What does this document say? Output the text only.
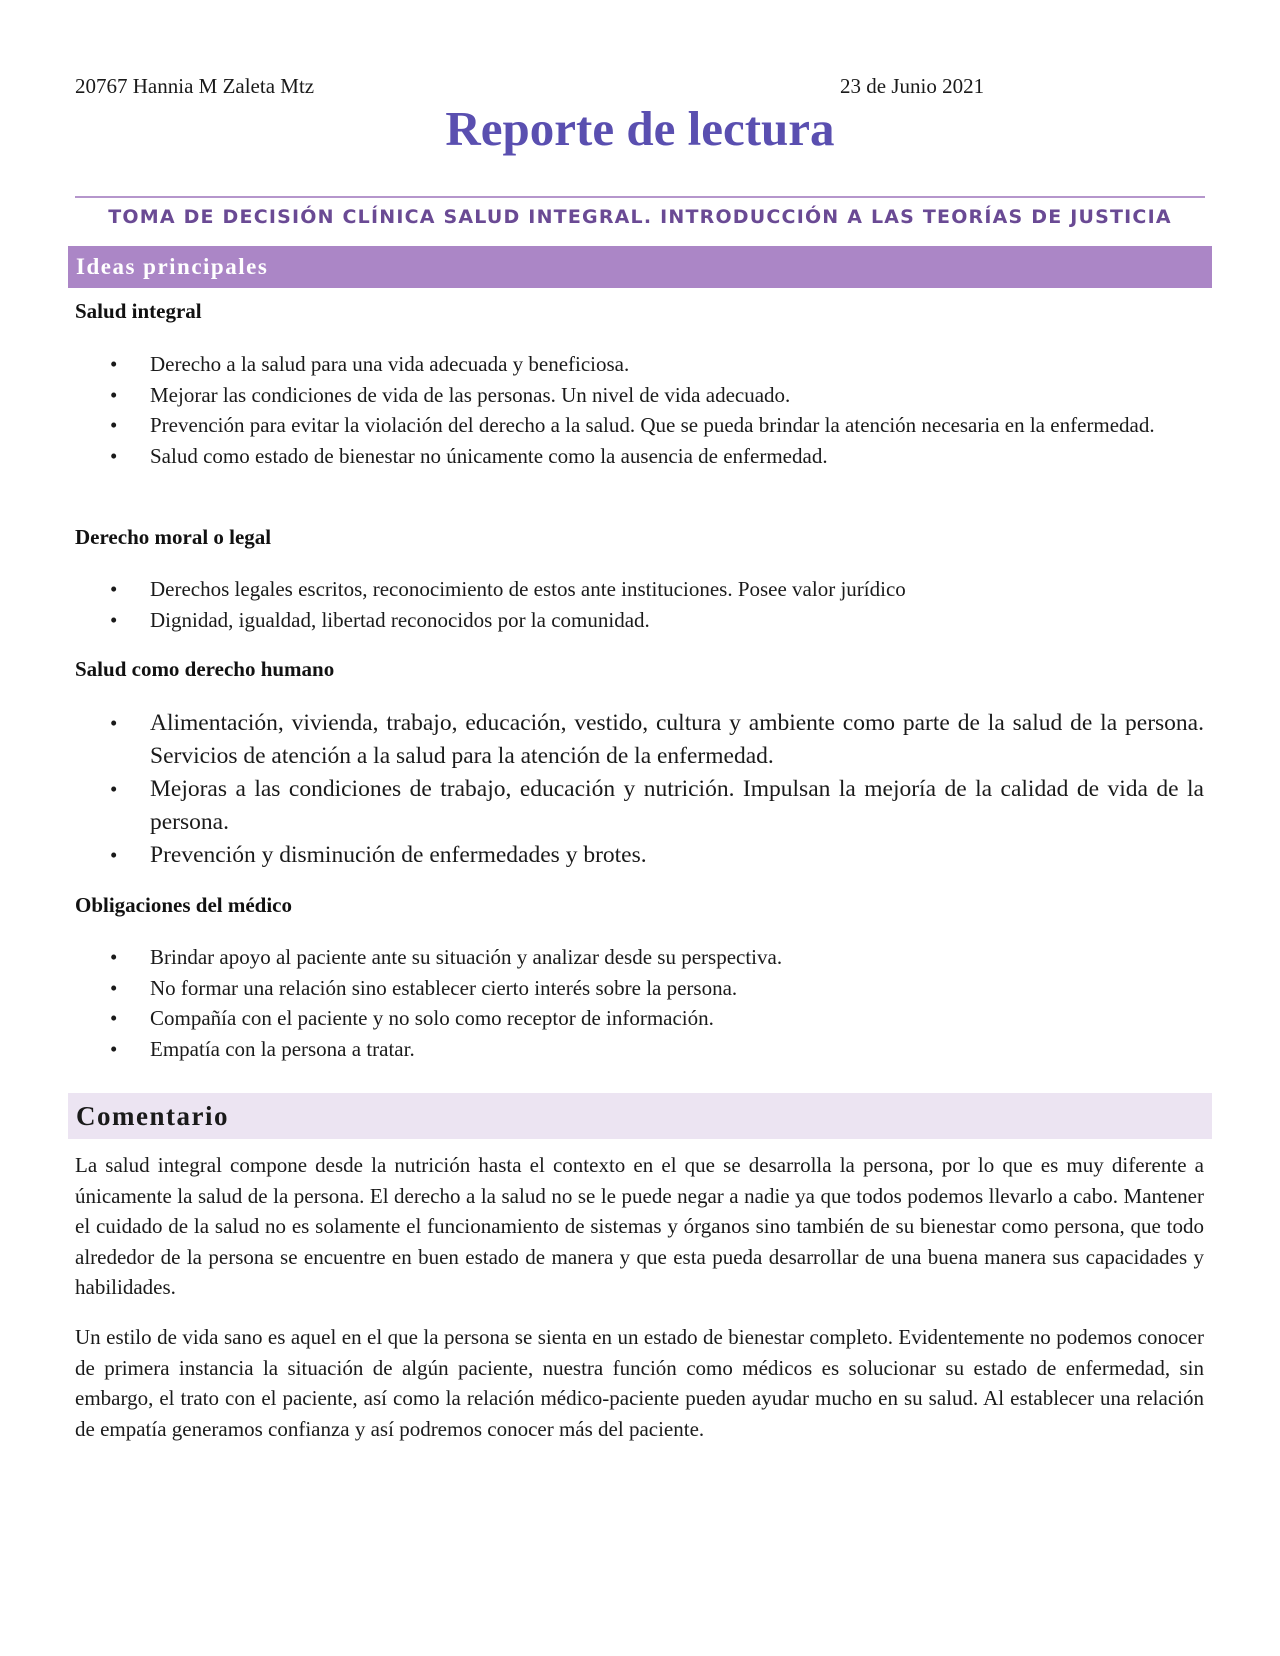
20767 Hannia M Zaleta Mtz	23 de Junio 2021
Reporte de lectura
TOMA DE DECISIÓN CLÍNICA SALUD INTEGRAL. INTRODUCCIÓN A LAS TEORÍAS DE JUSTICIA
Ideas principales
Salud integral
• Derecho a la salud para una vida adecuada y beneficiosa.
• Mejorar las condiciones de vida de las personas. Un nivel de vida adecuado.
• Prevención para evitar la violación del derecho a la salud. Que se pueda brindar la atención necesaria en la enfermedad.
• Salud como estado de bienestar no únicamente como la ausencia de enfermedad.
Derecho moral o legal
• Derechos legales escritos, reconocimiento de estos ante instituciones. Posee valor jurídico
• Dignidad, igualdad, libertad reconocidos por la comunidad.
Salud como derecho humano
• Alimentación, vivienda, trabajo, educación, vestido, cultura y ambiente como parte de la salud de la persona. Servicios de atención a la salud para la atención de la enfermedad.
• Mejoras a las condiciones de trabajo, educación y nutrición. Impulsan la mejoría de la calidad de vida de la persona.
• Prevención y disminución de enfermedades y brotes.
Obligaciones del médico
• Brindar apoyo al paciente ante su situación y analizar desde su perspectiva.
• No formar una relación sino establecer cierto interés sobre la persona.
• Compañía con el paciente y no solo como receptor de información.
• Empatía con la persona a tratar.
Comentario

La salud integral compone desde la nutrición hasta el contexto en el que se desarrolla la persona, por lo que es muy diferente a únicamente la salud de la persona. El derecho a la salud no se le puede negar a nadie ya que todos podemos llevarlo a cabo. Mantener el cuidado de la salud no es solamente el funcionamiento de sistemas y órganos sino también de su bienestar como persona, que todo alrededor de la persona se encuentre en buen estado de manera y que esta pueda desarrollar de una buena manera sus capacidades y habilidades.

Un estilo de vida sano es aquel en el que la persona se sienta en un estado de bienestar completo. Evidentemente no podemos conocer de primera instancia la situación de algún paciente, nuestra función como médicos es solucionar su estado de enfermedad, sin embargo, el trato con el paciente, así como la relación médico-paciente pueden ayudar mucho en su salud. Al establecer una relación de empatía generamos confianza y así podremos conocer más del paciente.
